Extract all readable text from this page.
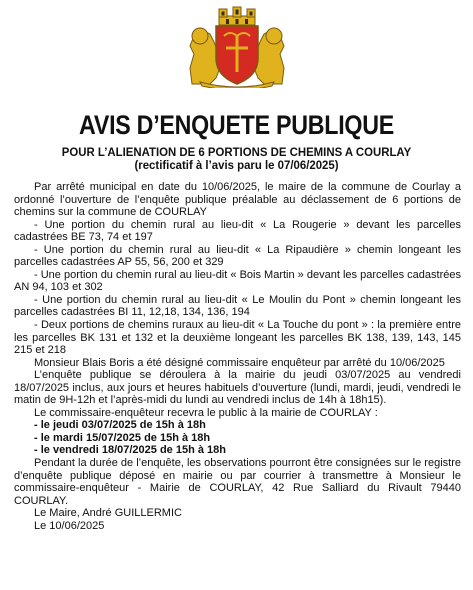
AVIS D’ENQUETE PUBLIQUE
POUR L’ALIENATION DE 6 PORTIONS DE CHEMINS A COURLAY
(rectificatif à l’avis paru le 07/06/2025)

Par arrêté municipal en date du 10/06/2025, le maire de la commune de Courlay a ordonné l’ouverture de l’enquête publique préalable au déclassement de 6 portions de chemins sur la commune de COURLAY

- Une portion du chemin rural au lieu-dit « La Rougerie » devant les parcelles cadastrées BE 73, 74 et 197

- Une portion du chemin rural au lieu-dit « La Ripaudière » chemin longeant les parcelles cadastrées AP 55, 56, 200 et 329

- Une portion du chemin rural au lieu-dit « Bois Martin » devant les parcelles cadastrées AN 94, 103 et 302

- Une portion du chemin rural au lieu-dit « Le Moulin du Pont » chemin longeant les parcelles cadastrées BI 11, 12,18, 134, 136, 194

- Deux portions de chemins ruraux au lieu-dit « La Touche du pont » : la première entre les parcelles BK 131 et 132 et la deuxième longeant les parcelles BK 138, 139, 143, 145 215 et 218

Monsieur Blais Boris a été désigné commissaire enquêteur par arrêté du 10/06/2025

L’enquête publique se déroulera à la mairie du jeudi 03/07/2025 au vendredi 18/07/2025 inclus, aux jours et heures habituels d’ouverture (lundi, mardi, jeudi, vendredi le matin de 9H-12h et l’après-midi du lundi au vendredi inclus de 14h à 18h15).

Le commissaire-enquêteur recevra le public à la mairie de COURLAY :

- le jeudi 03/07/2025 de 15h à 18h

- le mardi 15/07/2025 de 15h à 18h

- le vendredi 18/07/2025 de 15h à 18h

Pendant la durée de l’enquête, les observations pourront être consignées sur le registre d’enquête publique déposé en mairie ou par courrier à transmettre à Monsieur le commissaire-enquêteur - Mairie de COURLAY, 42 Rue Salliard du Rivault 79440 COURLAY.

Le Maire, André GUILLERMIC

Le 10/06/2025
